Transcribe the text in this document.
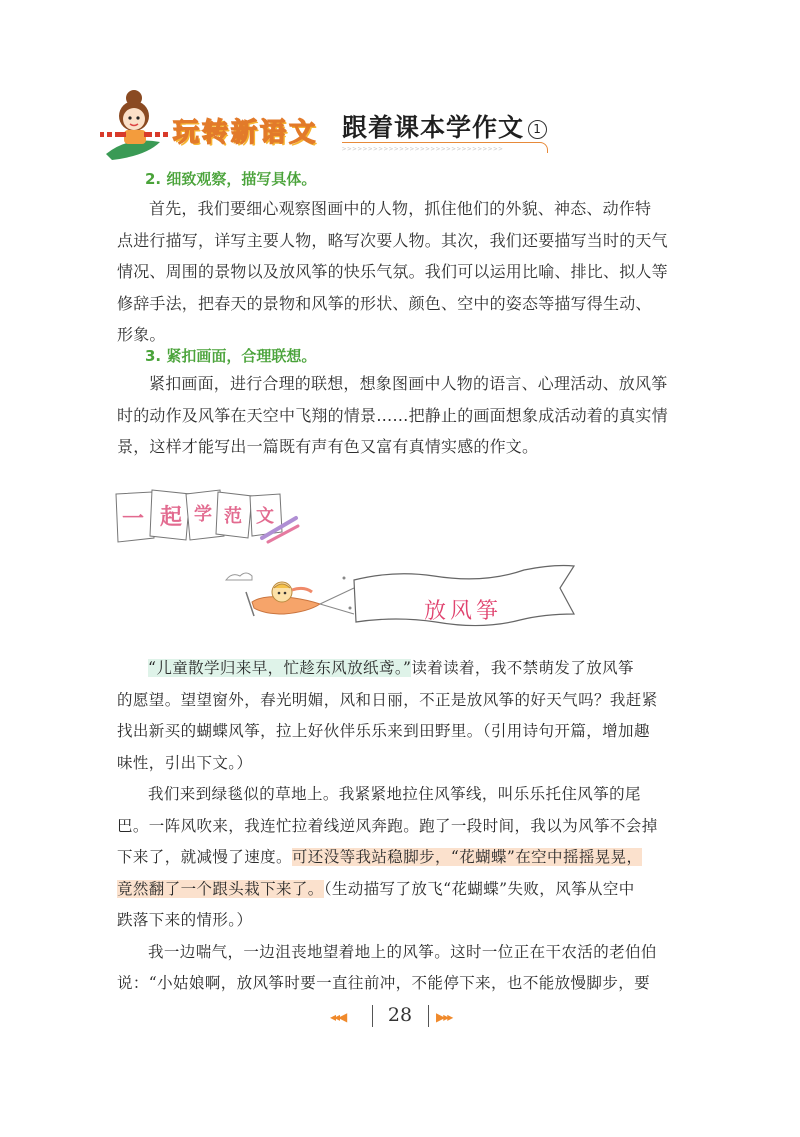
玩转新语文 跟着课本学作文 1
>>>>>>>>>>>>>>>>>>>>>>>>>>>>>>>

2. 细致观察，描写具体。

首先，我们要细心观察图画中的人物，抓住他们的外貌、神态、动作特

点进行描写，详写主要人物，略写次要人物。其次，我们还要描写当时的天气

情况、周围的景物以及放风筝的快乐气氛。我们可以运用比喻、排比、拟人等

修辞手法，把春天的景物和风筝的形状、颜色、空中的姿态等描写得生动、

形象。

3. 紧扣画面，合理联想。

紧扣画面，进行合理的联想，想象图画中人物的语言、心理活动、放风筝

时的动作及风筝在天空中飞翔的情景……把静止的画面想象成活动着的真实情

景，这样才能写出一篇既有声有色又富有真情实感的作文。

一 起 学 范 文
放风筝

“儿童散学归来早，忙趁东风放纸鸢。”读着读着，我不禁萌发了放风筝

的愿望。望望窗外，春光明媚，风和日丽，不正是放风筝的好天气吗？我赶紧

找出新买的蝴蝶风筝，拉上好伙伴乐乐来到田野里。（引用诗句开篇，增加趣

味性，引出下文。）

我们来到绿毯似的草地上。我紧紧地拉住风筝线，叫乐乐托住风筝的尾

巴。一阵风吹来，我连忙拉着线逆风奔跑。跑了一段时间，我以为风筝不会掉

下来了，就减慢了速度。可还没等我站稳脚步，“花蝴蝶”在空中摇摇晃晃，

竟然翻了一个跟头栽下来了。（生动描写了放飞“花蝴蝶”失败，风筝从空中

跌落下来的情形。）

我一边喘气，一边沮丧地望着地上的风筝。这时一位正在干农活的老伯伯

说：“小姑娘啊，放风筝时要一直往前冲，不能停下来，也不能放慢脚步，要

◂◂◀	28	▶▸▸
